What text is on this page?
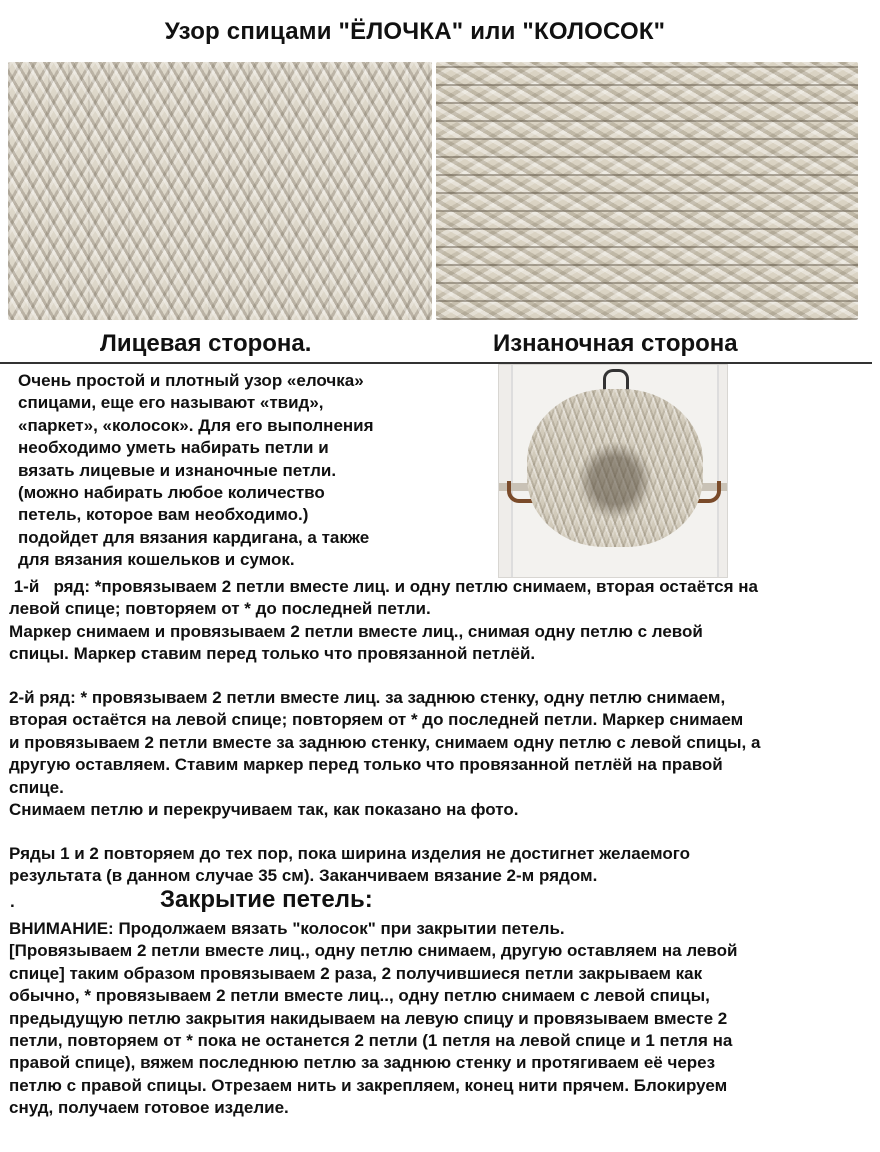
Узор спицами "ЁЛОЧКА" или "КОЛОСОК"
Лицевая сторона.	Изнаночная сторона
Очень простой и плотный узор «елочка»
спицами, еще его называют «твид»,
«паркет», «колосок». Для его выполнения
необходимо уметь набирать петли и
вязать лицевые и изнаночные петли.
(можно набирать любое количество
петель, которое вам необходимо.)
подойдет для вязания кардигана, а также
для вязания кошельков и сумок.
1-й   ряд: *провязываем 2 петли вместе лиц. и одну петлю снимаем, вторая остаётся на
левой спице; повторяем от * до последней петли.
Маркер снимаем и провязываем 2 петли вместе лиц., снимая одну петлю с левой
спицы. Маркер ставим перед только что провязанной петлёй.
2-й ряд: * провязываем 2 петли вместе лиц. за заднюю стенку, одну петлю снимаем,
вторая остаётся на левой спице; повторяем от * до последней петли. Маркер снимаем
и провязываем 2 петли вместе за заднюю стенку, снимаем одну петлю с левой спицы, а
другую оставляем. Ставим маркер перед только что провязанной петлёй на правой
спице.
Снимаем петлю и перекручиваем так, как показано на фото.
Ряды 1 и 2 повторяем до тех пор, пока ширина изделия не достигнет желаемого
результата (в данном случае 35 см). Заканчиваем вязание 2-м рядом.
.	Закрытие петель:
ВНИМАНИЕ: Продолжаем вязать "колосок" при закрытии петель.
[Провязываем 2 петли вместе лиц., одну петлю снимаем, другую оставляем на левой
спице] таким образом провязываем 2 раза, 2 получившиеся петли закрываем как
обычно, * провязываем 2 петли вместе лиц.., одну петлю снимаем с левой спицы,
предыдущую петлю закрытия накидываем на левую спицу и провязываем вместе 2
петли, повторяем от * пока не останется 2 петли (1 петля на левой спице и 1 петля на
правой спице), вяжем последнюю петлю за заднюю стенку и протягиваем её через
петлю с правой спицы. Отрезаем нить и закрепляем, конец нити прячем. Блокируем
снуд, получаем готовое изделие.
